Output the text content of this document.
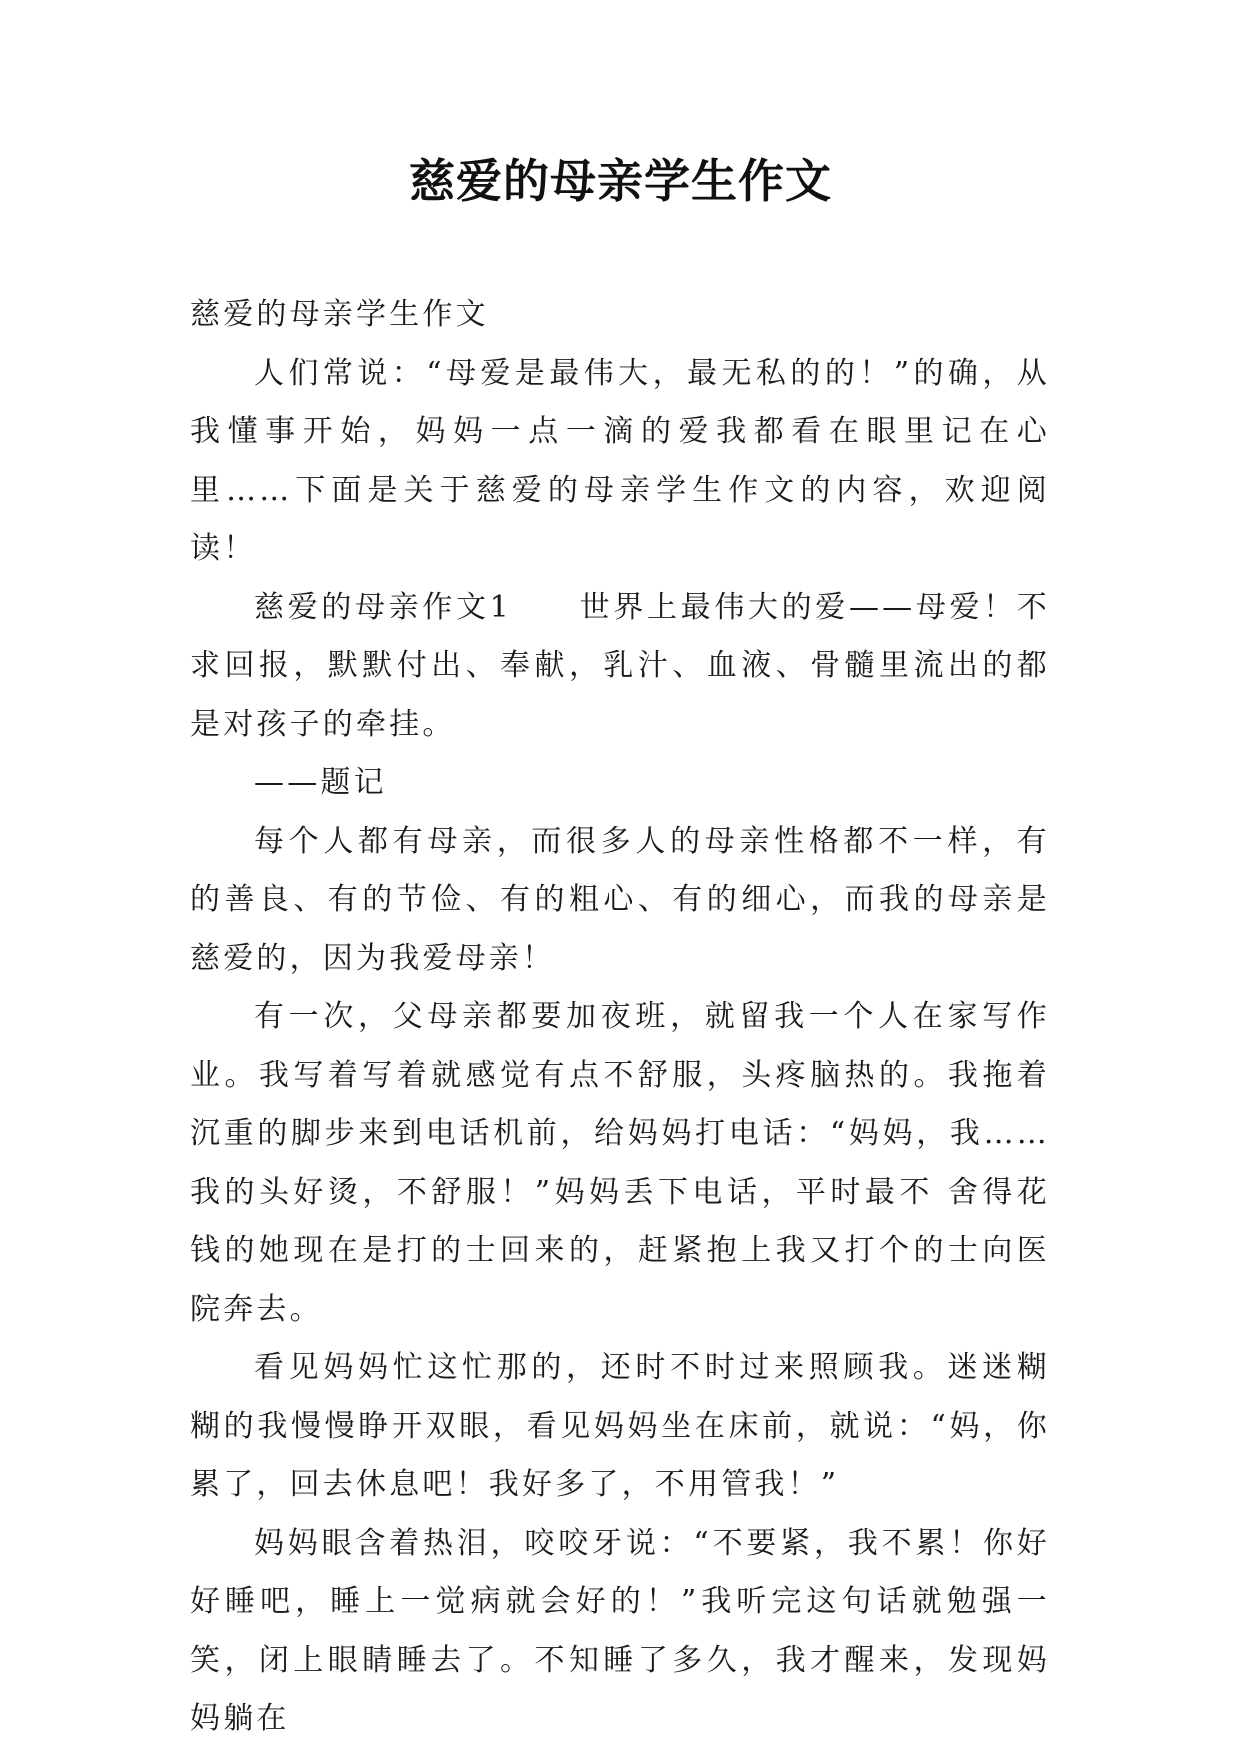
慈爱的母亲学生作文

慈爱的母亲学生作文

人们常说：“母爱是最伟大，最无私的的！”的确，从我懂事开始，妈妈一点一滴的爱我都看在眼里记在心里……下面是关于慈爱的母亲学生作文的内容，欢迎阅读！

慈爱的母亲作文1　　世界上最伟大的爱——母爱！不求回报，默默付出、奉献，乳汁、血液、骨髓里流出的都是对孩子的牵挂。

——题记

每个人都有母亲，而很多人的母亲性格都不一样，有的善良、有的节俭、有的粗心、有的细心，而我的母亲是慈爱的，因为我爱母亲！

有一次，父母亲都要加夜班，就留我一个人在家写作业。我写着写着就感觉有点不舒服，头疼脑热的。我拖着沉重的脚步来到电话机前，给妈妈打电话：“妈妈，我……我的头好烫，不舒服！”妈妈丢下电话，平时最不 舍得花钱的她现在是打的士回来的，赶紧抱上我又打个的士向医院奔去。

看见妈妈忙这忙那的，还时不时过来照顾我。迷迷糊糊的我慢慢睁开双眼，看见妈妈坐在床前，就说：“妈，你累了，回去休息吧！我好多了，不用管我！”

妈妈眼含着热泪，咬咬牙说：“不要紧，我不累！你好好睡吧，睡上一觉病就会好的！”我听完这句话就勉强一笑，闭上眼睛睡去了。不知睡了多久，我才醒来，发现妈妈躺在
